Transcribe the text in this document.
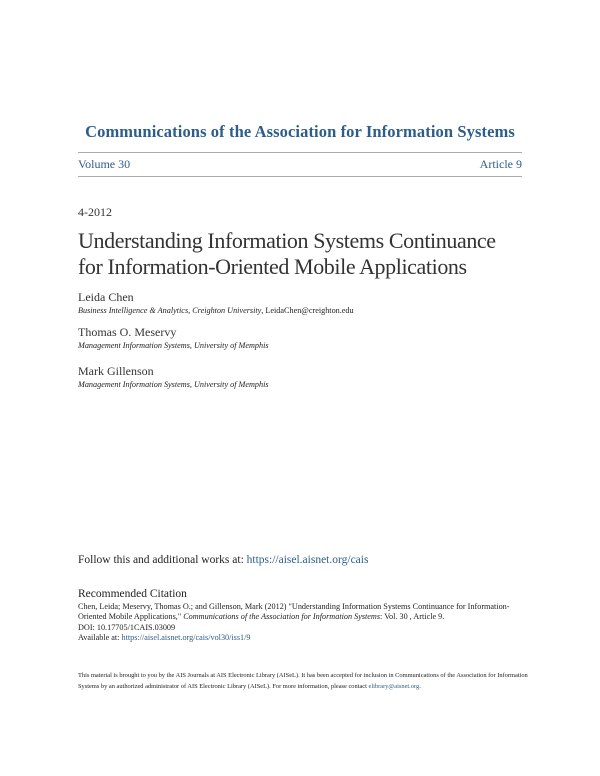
Communications of the Association for Information Systems
Volume 30	Article 9
4-2012
Understanding Information Systems Continuance
for Information-Oriented Mobile Applications
Leida Chen
Business Intelligence & Analytics, Creighton University, LeidaChen@creighton.edu
Thomas O. Meservy
Management Information Systems, University of Memphis
Mark Gillenson
Management Information Systems, University of Memphis
Follow this and additional works at: https://aisel.aisnet.org/cais
Recommended Citation
Chen, Leida; Meservy, Thomas O.; and Gillenson, Mark (2012) "Understanding Information Systems Continuance for Information-Oriented Mobile Applications," Communications of the Association for Information Systems: Vol. 30 , Article 9.
DOI: 10.17705/1CAIS.03009
Available at: https://aisel.aisnet.org/cais/vol30/iss1/9
This material is brought to you by the AIS Journals at AIS Electronic Library (AISeL). It has been accepted for inclusion in Communications of the Association for Information Systems by an authorized administrator of AIS Electronic Library (AISeL). For more information, please contact elibrary@aisnet.org.
